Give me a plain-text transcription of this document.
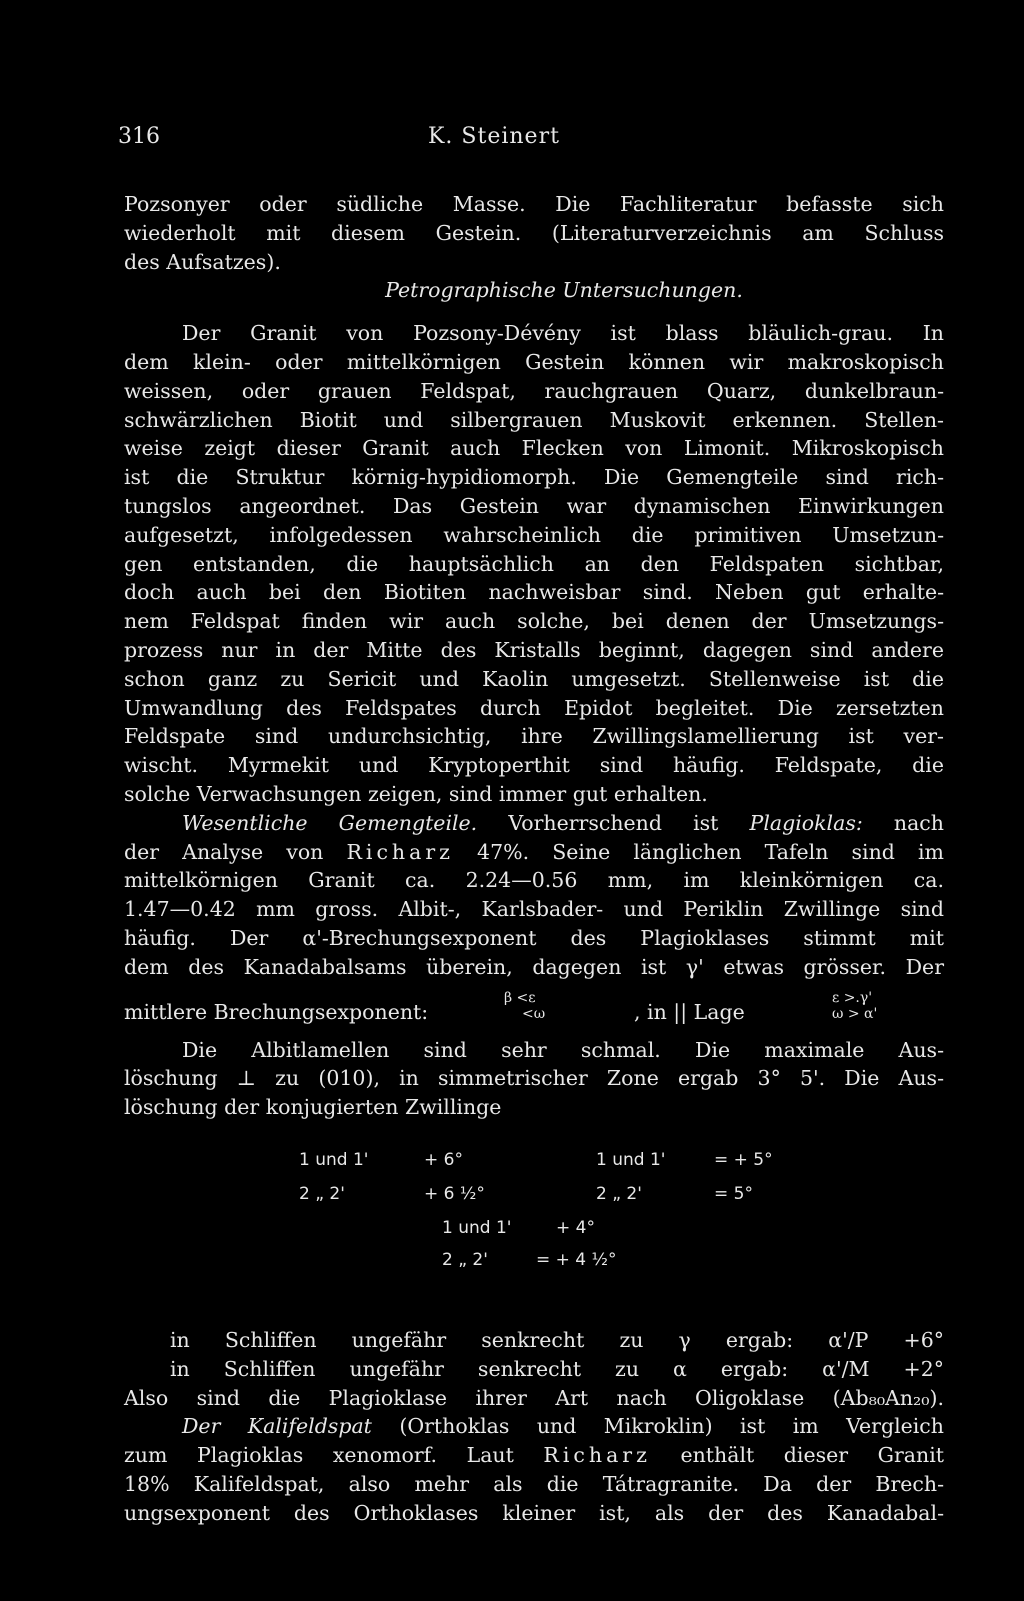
316	K. Steinert
Pozsonyer oder südliche Masse. Die Fachliteratur befasste sich
wiederholt mit diesem Gestein. (Literaturverzeichnis am Schluss
des Aufsatzes).
Petrographische Untersuchungen.
Der Granit von Pozsony-Dévény ist blass bläulich-grau. In
dem klein- oder mittelkörnigen Gestein können wir makroskopisch
weissen, oder grauen Feldspat, rauchgrauen Quarz, dunkelbraun-
schwärzlichen Biotit und silbergrauen Muskovit erkennen. Stellen-
weise zeigt dieser Granit auch Flecken von Limonit. Mikroskopisch
ist die Struktur körnig-hypidiomorph. Die Gemengteile sind rich-
tungslos angeordnet. Das Gestein war dynamischen Einwirkungen
aufgesetzt, infolgedessen wahrscheinlich die primitiven Umsetzun-
gen entstanden, die hauptsächlich an den Feldspaten sichtbar,
doch auch bei den Biotiten nachweisbar sind. Neben gut erhalte-
nem Feldspat finden wir auch solche, bei denen der Umsetzungs-
prozess nur in der Mitte des Kristalls beginnt, dagegen sind andere
schon ganz zu Sericit und Kaolin umgesetzt. Stellenweise ist die
Umwandlung des Feldspates durch Epidot begleitet. Die zersetzten
Feldspate sind undurchsichtig, ihre Zwillingslamellierung ist ver-
wischt. Myrmekit und Kryptoperthit sind häufig. Feldspate, die
solche Verwachsungen zeigen, sind immer gut erhalten.
Wesentliche Gemengteile. Vorherrschend ist Plagioklas: nach
der Analyse von Richarz 47%. Seine länglichen Tafeln sind im
mittelkörnigen Granit ca. 2.24—0.56 mm, im kleinkörnigen ca.
1.47—0.42 mm gross. Albit-, Karlsbader- und Periklin Zwillinge sind
häufig. Der α'-Brechungsexponent des Plagioklases stimmt mit
dem des Kanadabalsams überein, dagegen ist γ' etwas grösser. Der
mittlere Brechungsexponent:
β <ε
<ω	, in || Lage
ε >.γ'
ω > α'
Die Albitlamellen sind sehr schmal. Die maximale Aus-
löschung ⊥ zu (010), in simmetrischer Zone ergab 3° 5'. Die Aus-
löschung der konjugierten Zwillinge
1 und 1'	+ 6°	1 und 1'	= + 5°
2 „ 2'	+ 6 ½°	2 „ 2'	= 5°
1 und 1'	+ 4°
2 „ 2'	= + 4 ½°
in Schliffen ungefähr senkrecht zu γ ergab: α'/P +6°
in Schliffen ungefähr senkrecht zu α ergab: α'/M +2°
Also sind die Plagioklase ihrer Art nach Oligoklase (Ab₈₀An₂₀).
Der Kalifeldspat (Orthoklas und Mikroklin) ist im Vergleich
zum Plagioklas xenomorf. Laut Richarz enthält dieser Granit
18% Kalifeldspat, also mehr als die Tátragranite. Da der Brech-
ungsexponent des Orthoklases kleiner ist, als der des Kanadabal-
